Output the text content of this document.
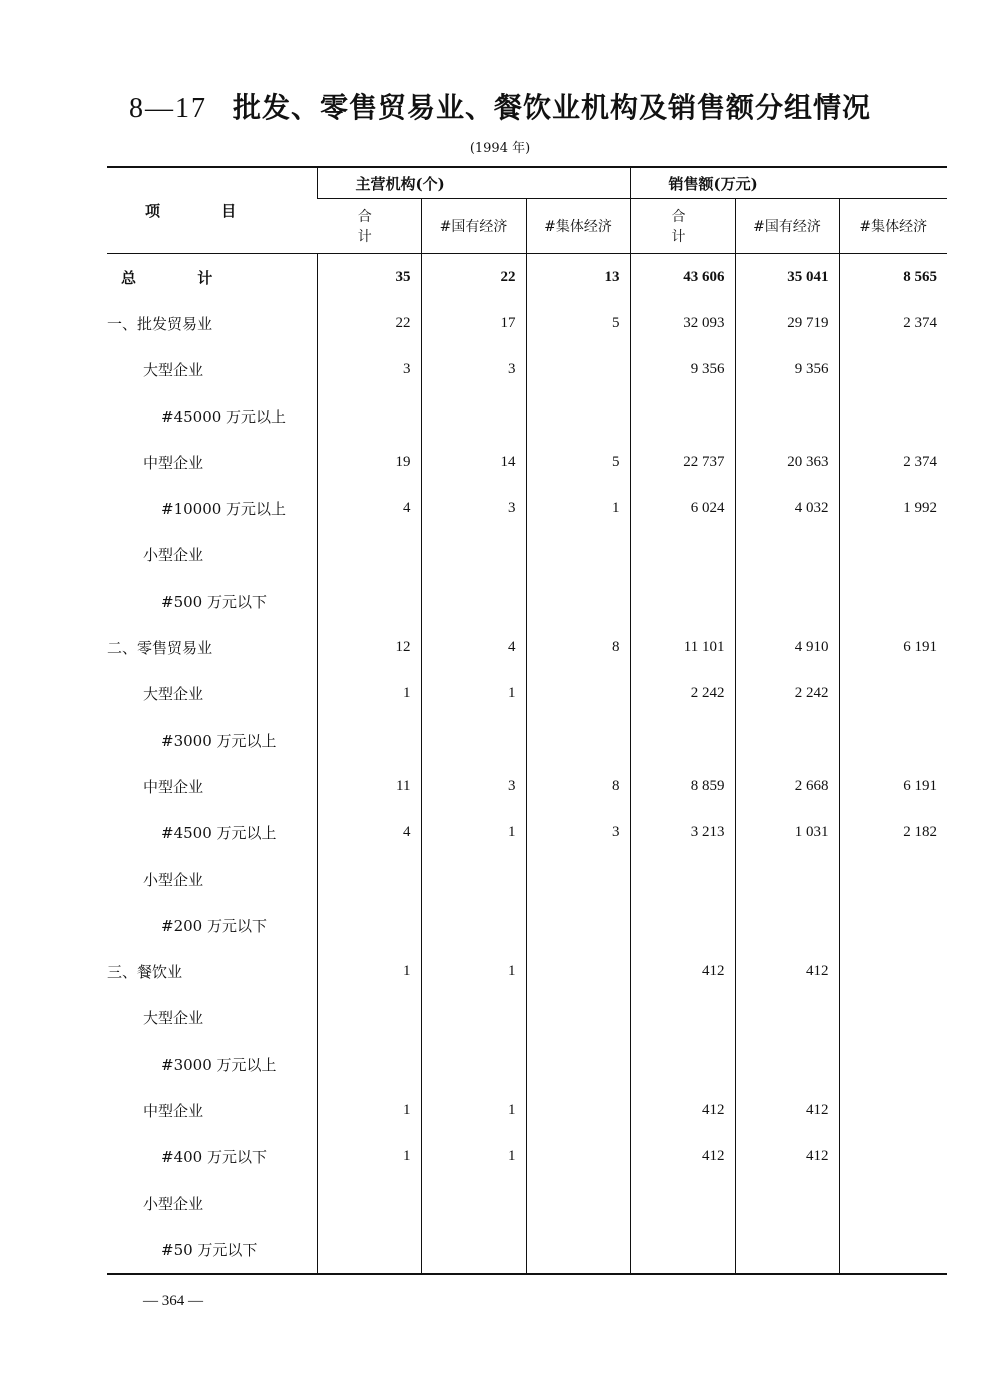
8—17 批发、零售贸易业、餐饮业机构及销售额分组情况
(1994 年)
项 目	主营机构(个)			销售额(万元)		
	合 计	#国有经济	#集体经济	合 计	#国有经济	#集体经济
总 计	35	22	13	43 606	35 041	8 565
一、批发贸易业	22	17	5	32 093	29 719	2 374
大型企业	3	3		9 356	9 356	
#45000 万元以上						
中型企业	19	14	5	22 737	20 363	2 374
#10000 万元以上	4	3	1	6 024	4 032	1 992
小型企业						
#500 万元以下						
二、零售贸易业	12	4	8	11 101	4 910	6 191
大型企业	1	1		2 242	2 242	
#3000 万元以上						
中型企业	11	3	8	8 859	2 668	6 191
#4500 万元以上	4	1	3	3 213	1 031	2 182
小型企业						
#200 万元以下						
三、餐饮业	1	1		412	412	
大型企业						
#3000 万元以上						
中型企业	1	1		412	412	
#400 万元以下	1	1		412	412	
小型企业						
#50 万元以下						
— 364 —
